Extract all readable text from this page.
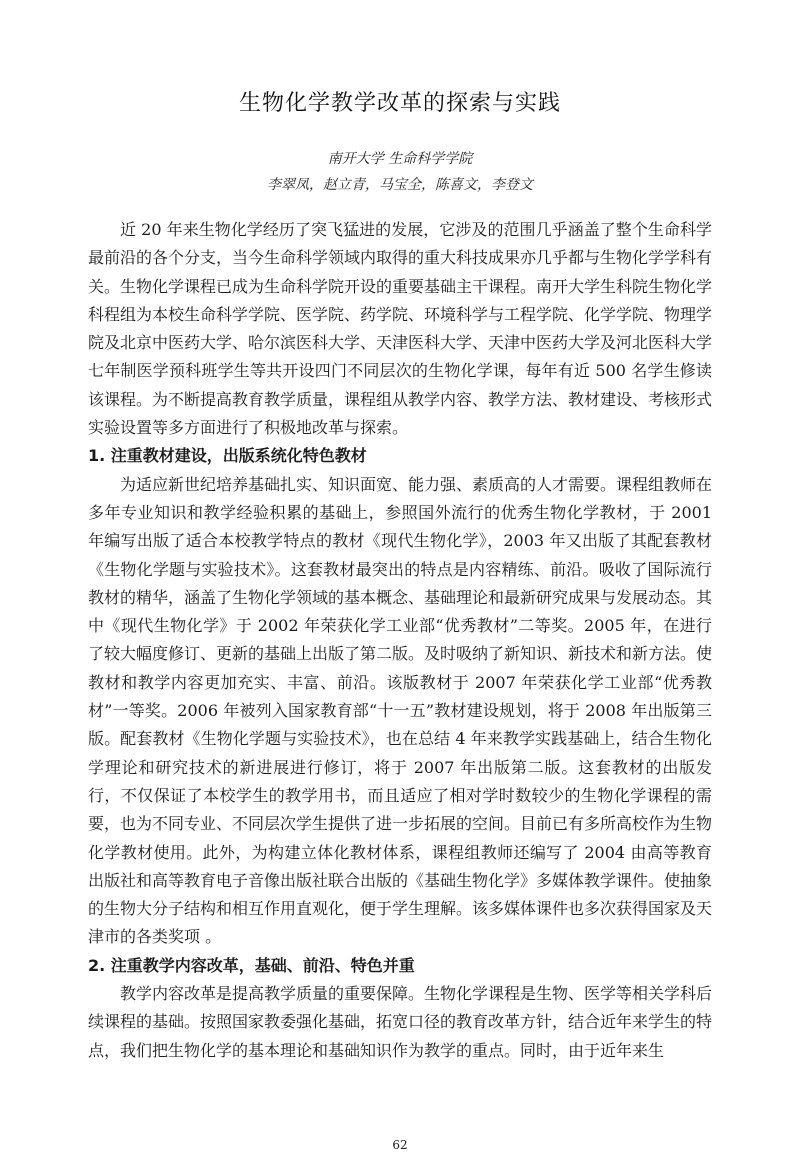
生物化学教学改革的探索与实践
南开大学 生命科学学院
李翠凤，赵立青，马宝全，陈喜文，李登文

近 20 年来生物化学经历了突飞猛进的发展，它涉及的范围几乎涵盖了整个生命科学最前沿的各个分支，当今生命科学领域内取得的重大科技成果亦几乎都与生物化学学科有关。生物化学课程已成为生命科学院开设的重要基础主干课程。南开大学生科院生物化学科程组为本校生命科学学院、医学院、药学院、环境科学与工程学院、化学学院、物理学院及北京中医药大学、哈尔滨医科大学、天津医科大学、天津中医药大学及河北医科大学七年制医学预科班学生等共开设四门不同层次的生物化学课，每年有近 500 名学生修读该课程。为不断提高教育教学质量，课程组从教学内容、教学方法、教材建设、考核形式实验设置等多方面进行了积极地改革与探索。

1. 注重教材建设，出版系统化特色教材

为适应新世纪培养基础扎实、知识面宽、能力强、素质高的人才需要。课程组教师在多年专业知识和教学经验积累的基础上，参照国外流行的优秀生物化学教材，于 2001 年编写出版了适合本校教学特点的教材《现代生物化学》，2003 年又出版了其配套教材《生物化学题与实验技术》。这套教材最突出的特点是内容精练、前沿。吸收了国际流行教材的精华，涵盖了生物化学领域的基本概念、基础理论和最新研究成果与发展动态。其中《现代生物化学》于 2002 年荣获化学工业部“优秀教材”二等奖。2005 年，在进行了较大幅度修订、更新的基础上出版了第二版。及时吸纳了新知识、新技术和新方法。使教材和教学内容更加充实、丰富、前沿。该版教材于 2007 年荣获化学工业部“优秀教材”一等奖。2006 年被列入国家教育部“十一五”教材建设规划，将于 2008 年出版第三版。配套教材《生物化学题与实验技术》，也在总结 4 年来教学实践基础上，结合生物化学理论和研究技术的新进展进行修订，将于 2007 年出版第二版。这套教材的出版发行，不仅保证了本校学生的教学用书，而且适应了相对学时数较少的生物化学课程的需要，也为不同专业、不同层次学生提供了进一步拓展的空间。目前已有多所高校作为生物化学教材使用。此外，为构建立体化教材体系，课程组教师还编写了 2004 由高等教育出版社和高等教育电子音像出版社联合出版的《基础生物化学》多媒体教学课件。使抽象的生物大分子结构和相互作用直观化，便于学生理解。该多媒体课件也多次获得国家及天津市的各类奖项 。

2. 注重教学内容改革，基础、前沿、特色并重

教学内容改革是提高教学质量的重要保障。生物化学课程是生物、医学等相关学科后续课程的基础。按照国家教委强化基础，拓宽口径的教育改革方针，结合近年来学生的特点，我们把生物化学的基本理论和基础知识作为教学的重点。同时，由于近年来生

62
